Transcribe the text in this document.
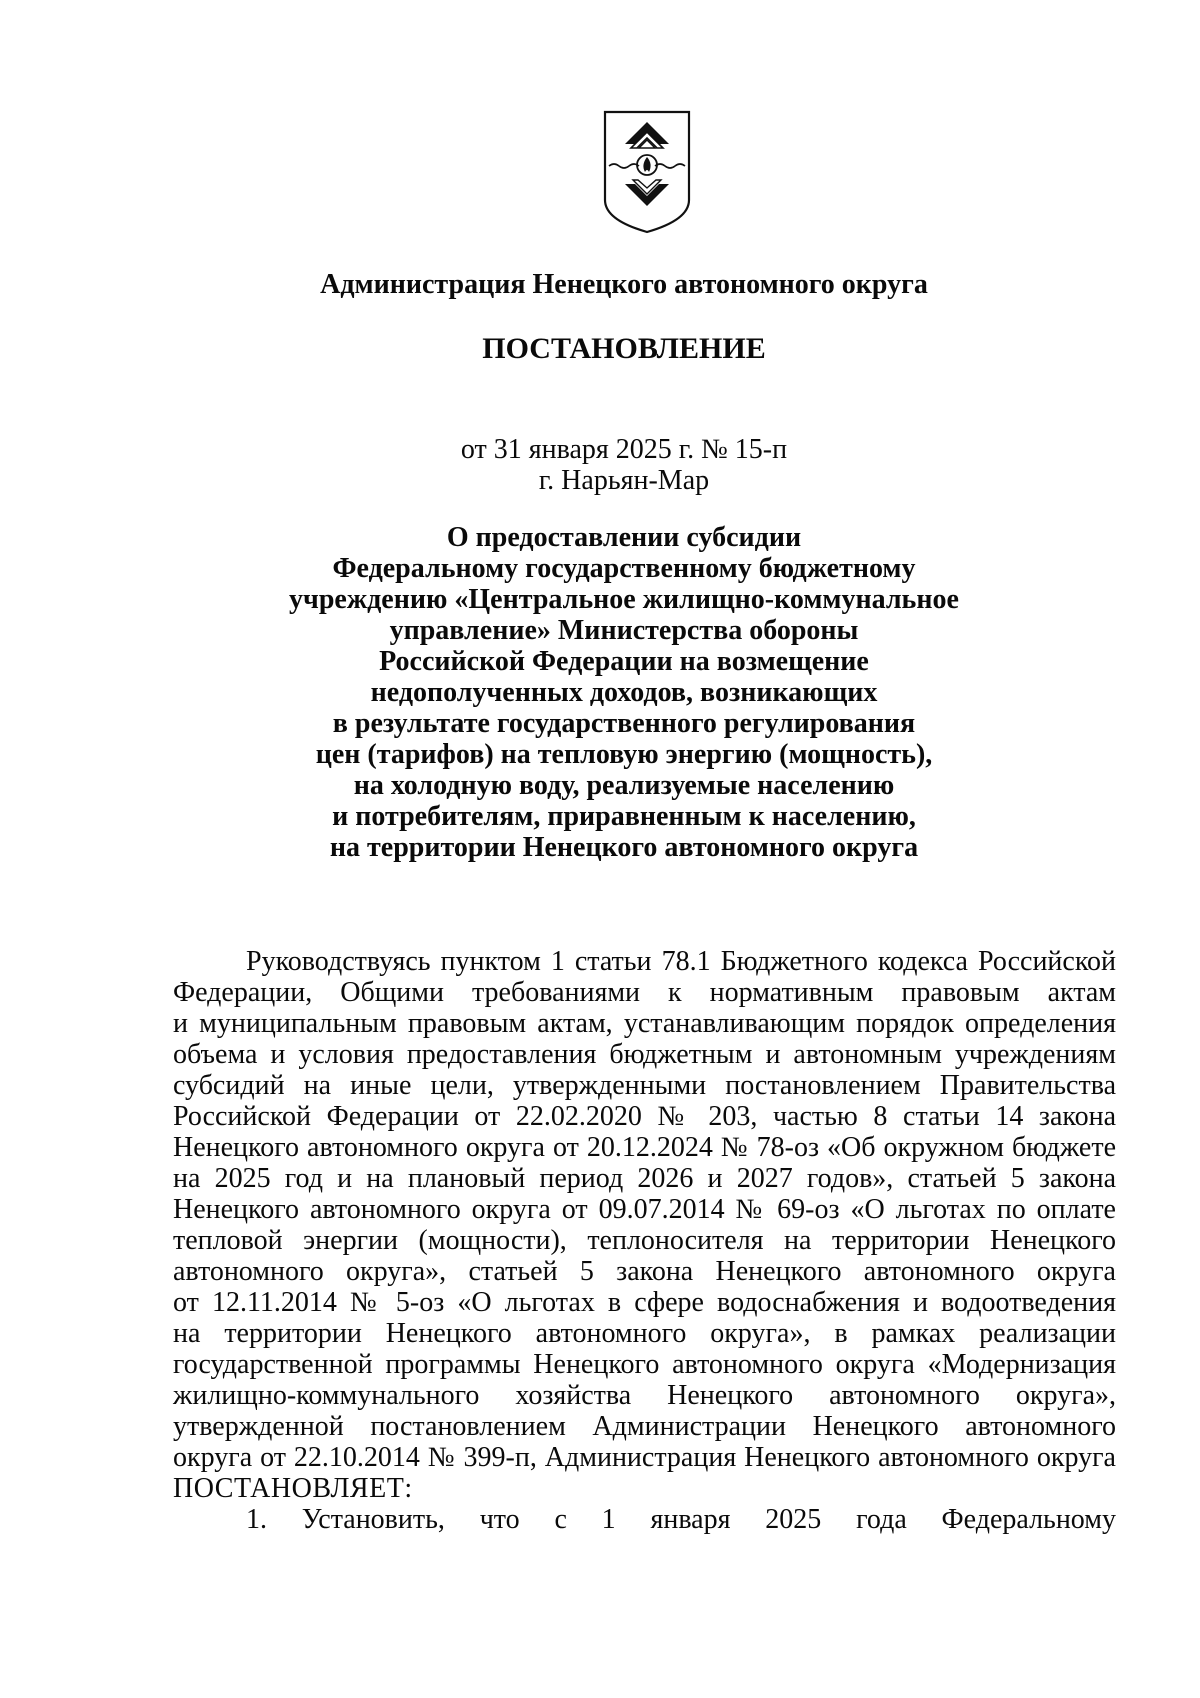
Администрация Ненецкого автономного округа
ПОСТАНОВЛЕНИЕ
от 31 января 2025 г. № 15-п
г. Нарьян-Мар
О предоставлении субсидии
Федеральному государственному бюджетному
учреждению «Центральное жилищно-коммунальное
управление» Министерства обороны
Российской Федерации на возмещение
недополученных доходов, возникающих
в результате государственного регулирования
цен (тарифов) на тепловую энергию (мощность),
на холодную воду, реализуемые населению
и потребителям, приравненным к населению,
на территории Ненецкого автономного округа
Руководствуясь пунктом 1 статьи 78.1 Бюджетного кодекса Российской
Федерации, Общими требованиями к нормативным правовым актам
и муниципальным правовым актам, устанавливающим порядок определения
объема и условия предоставления бюджетным и автономным учреждениям
субсидий на иные цели, утвержденными постановлением Правительства
Российской Федерации от 22.02.2020 № 203, частью 8 статьи 14 закона
Ненецкого автономного округа от 20.12.2024 № 78-оз «Об окружном бюджете
на 2025 год и на плановый период 2026 и 2027 годов», статьей 5 закона
Ненецкого автономного округа от 09.07.2014 № 69-оз «О льготах по оплате
тепловой энергии (мощности), теплоносителя на территории Ненецкого
автономного округа», статьей 5 закона Ненецкого автономного округа
от 12.11.2014 № 5-оз «О льготах в сфере водоснабжения и водоотведения
на территории Ненецкого автономного округа», в рамках реализации
государственной программы Ненецкого автономного округа «Модернизация
жилищно-коммунального хозяйства Ненецкого автономного округа»,
утвержденной постановлением Администрации Ненецкого автономного
округа от 22.10.2014 № 399-п, Администрация Ненецкого автономного округа
ПОСТАНОВЛЯЕТ:
1. Установить, что с 1 января 2025 года Федеральному
